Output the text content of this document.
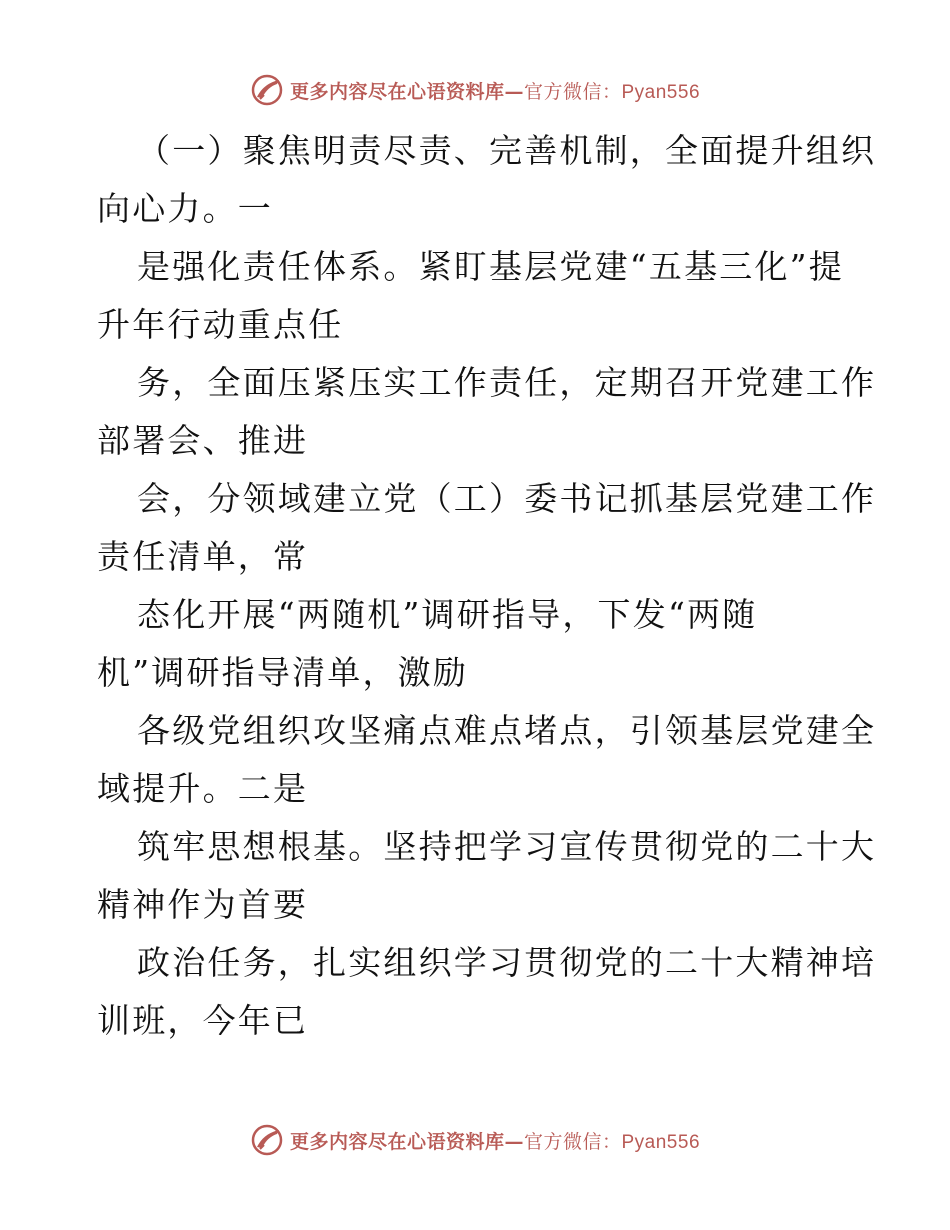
更多内容尽在心语资料库—官方微信：Pyan556
（一）聚焦明责尽责、完善机制，全面提升组织
向心力。一
是强化责任体系。紧盯基层党建“五基三化”提
升年行动重点任
务，全面压紧压实工作责任，定期召开党建工作
部署会、推进
会，分领域建立党（工）委书记抓基层党建工作
责任清单，常
态化开展“两随机”调研指导，下发“两随
机”调研指导清单，激励
各级党组织攻坚痛点难点堵点，引领基层党建全
域提升。二是
筑牢思想根基。坚持把学习宣传贯彻党的二十大
精神作为首要
政治任务，扎实组织学习贯彻党的二十大精神培
训班，今年已
更多内容尽在心语资料库—官方微信：Pyan556
